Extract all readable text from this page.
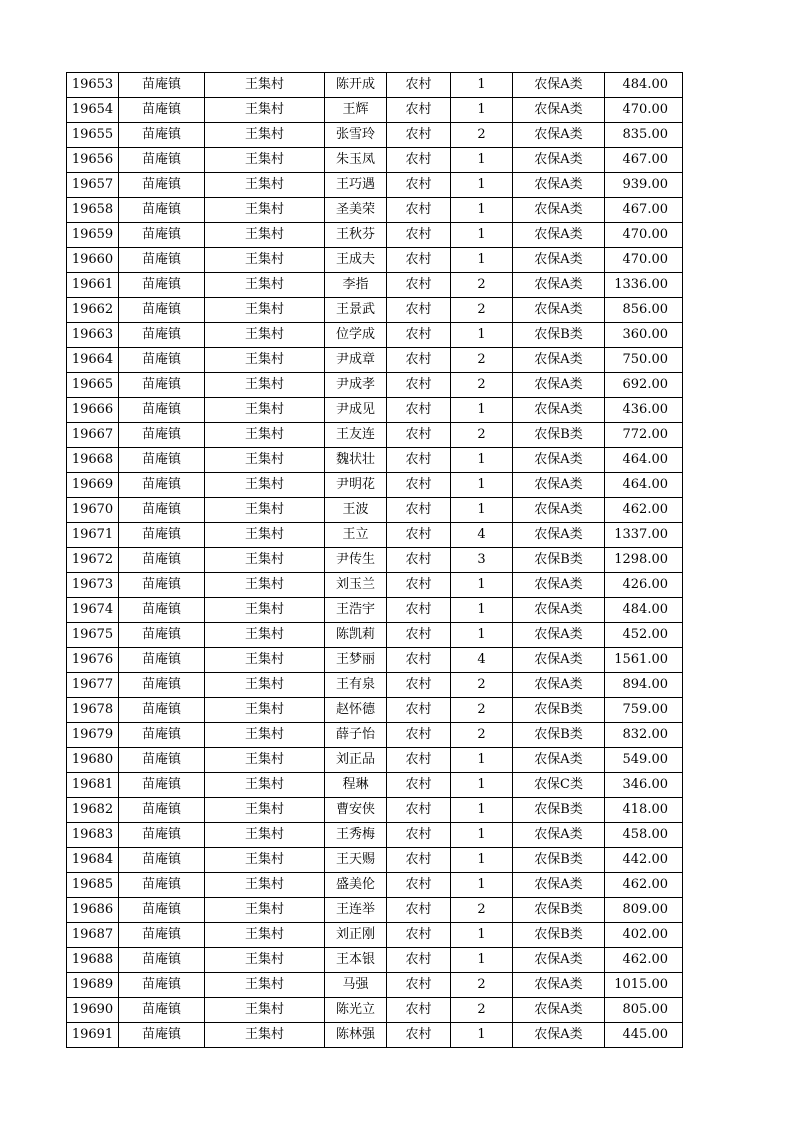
19653	苗庵镇	王集村	陈开成	农村	1	农保A类	484.00
19654	苗庵镇	王集村	王辉	农村	1	农保A类	470.00
19655	苗庵镇	王集村	张雪玲	农村	2	农保A类	835.00
19656	苗庵镇	王集村	朱玉凤	农村	1	农保A类	467.00
19657	苗庵镇	王集村	王巧遇	农村	1	农保A类	939.00
19658	苗庵镇	王集村	圣美荣	农村	1	农保A类	467.00
19659	苗庵镇	王集村	王秋芬	农村	1	农保A类	470.00
19660	苗庵镇	王集村	王成夫	农村	1	农保A类	470.00
19661	苗庵镇	王集村	李指	农村	2	农保A类	1336.00
19662	苗庵镇	王集村	王景武	农村	2	农保A类	856.00
19663	苗庵镇	王集村	位学成	农村	1	农保B类	360.00
19664	苗庵镇	王集村	尹成章	农村	2	农保A类	750.00
19665	苗庵镇	王集村	尹成孝	农村	2	农保A类	692.00
19666	苗庵镇	王集村	尹成见	农村	1	农保A类	436.00
19667	苗庵镇	王集村	王友连	农村	2	农保B类	772.00
19668	苗庵镇	王集村	魏状壮	农村	1	农保A类	464.00
19669	苗庵镇	王集村	尹明花	农村	1	农保A类	464.00
19670	苗庵镇	王集村	王波	农村	1	农保A类	462.00
19671	苗庵镇	王集村	王立	农村	4	农保A类	1337.00
19672	苗庵镇	王集村	尹传生	农村	3	农保B类	1298.00
19673	苗庵镇	王集村	刘玉兰	农村	1	农保A类	426.00
19674	苗庵镇	王集村	王浩宇	农村	1	农保A类	484.00
19675	苗庵镇	王集村	陈凯莉	农村	1	农保A类	452.00
19676	苗庵镇	王集村	王梦丽	农村	4	农保A类	1561.00
19677	苗庵镇	王集村	王有泉	农村	2	农保A类	894.00
19678	苗庵镇	王集村	赵怀德	农村	2	农保B类	759.00
19679	苗庵镇	王集村	薛子怡	农村	2	农保B类	832.00
19680	苗庵镇	王集村	刘正品	农村	1	农保A类	549.00
19681	苗庵镇	王集村	程琳	农村	1	农保C类	346.00
19682	苗庵镇	王集村	曹安侠	农村	1	农保B类	418.00
19683	苗庵镇	王集村	王秀梅	农村	1	农保A类	458.00
19684	苗庵镇	王集村	王天赐	农村	1	农保B类	442.00
19685	苗庵镇	王集村	盛美伦	农村	1	农保A类	462.00
19686	苗庵镇	王集村	王连举	农村	2	农保B类	809.00
19687	苗庵镇	王集村	刘正刚	农村	1	农保B类	402.00
19688	苗庵镇	王集村	王本银	农村	1	农保A类	462.00
19689	苗庵镇	王集村	马强	农村	2	农保A类	1015.00
19690	苗庵镇	王集村	陈光立	农村	2	农保A类	805.00
19691	苗庵镇	王集村	陈林强	农村	1	农保A类	445.00
